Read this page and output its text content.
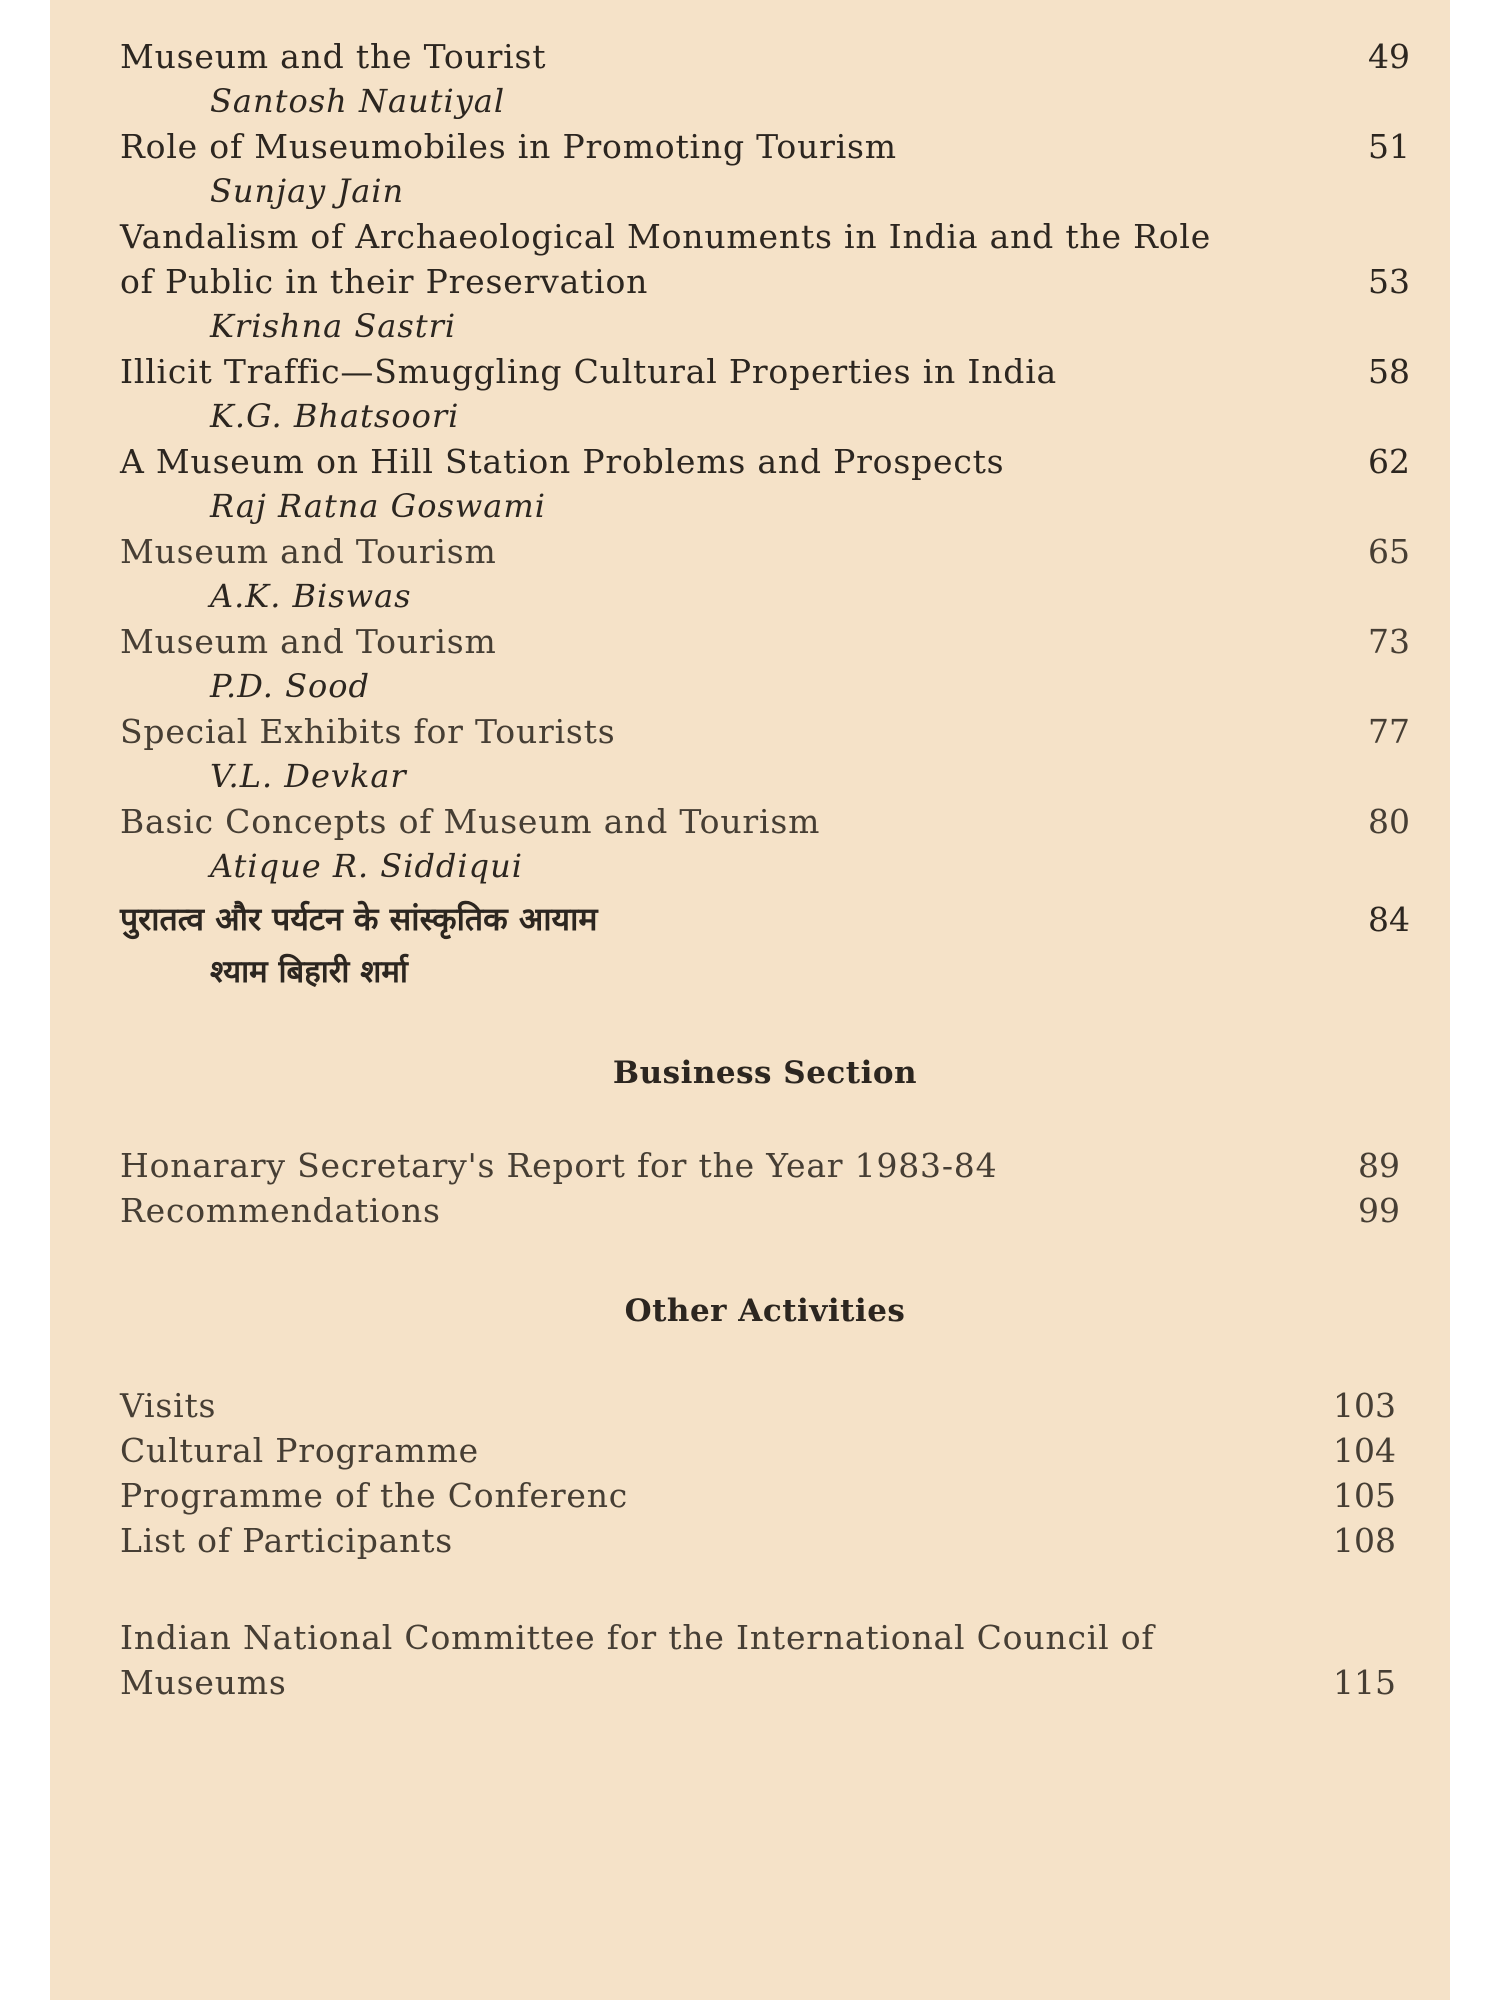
Museum and the Tourist	49
Santosh Nautiyal
Role of Museumobiles in Promoting Tourism	51
Sunjay Jain
Vandalism of Archaeological Monuments in India and the Role of Public in their Preservation	53
Krishna Sastri
Illicit Traffic—Smuggling Cultural Properties in India	58
K.G. Bhatsoori
A Museum on Hill Station Problems and Prospects	62
Raj Ratna Goswami
Museum and Tourism	65
A.K. Biswas
Museum and Tourism	73
P.D. Sood
Special Exhibits for Tourists	77
V.L. Devkar
Basic Concepts of Museum and Tourism	80
Atique R. Siddiqui
पुरातत्व और पर्यटन के सांस्कृतिक आयाम	84
श्याम बिहारी शर्मा
Business Section
Honarary Secretary's Report for the Year 1983-84	89
Recommendations	99
Other Activities
Visits	103
Cultural Programme	104
Programme of the Conferenc	105
List of Participants	108
Indian National Committee for the International Council of Museums	115
